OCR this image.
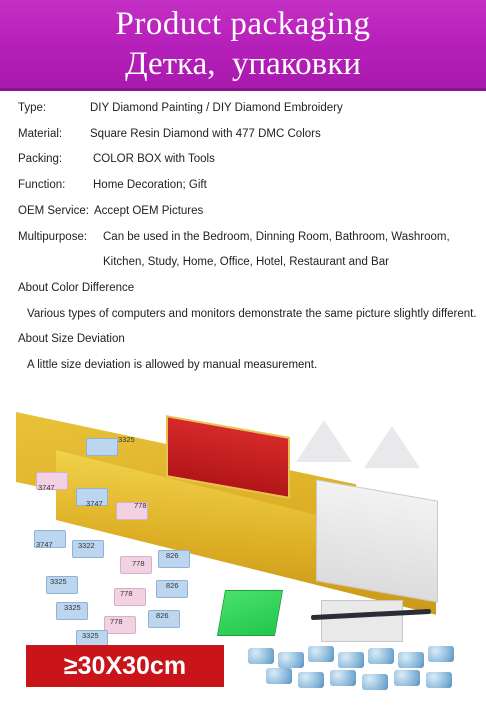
Product packaging
Детка,  упаковки
Type:	DIY Diamond Painting / DIY Diamond Embroidery
Material: Square Resin Diamond with 477 DMC Colors
Packing:	COLOR BOX with Tools
Function: Home Decoration; Gift
OEM Service: Accept OEM Pictures
Multipurpose: Can be used in the Bedroom, Dinning Room, Bathroom, Washroom,
Kitchen, Study, Home, Office, Hotel, Restaurant and Bar
About Color Difference
Various types of computers and monitors demonstrate the same picture slightly different.
About Size Deviation
A little size deviation is allowed by manual measurement.
3325
3747
3747	778
3747	3322
778
826
3325
778
826
3325
778
826
3325
≥30X30cm
